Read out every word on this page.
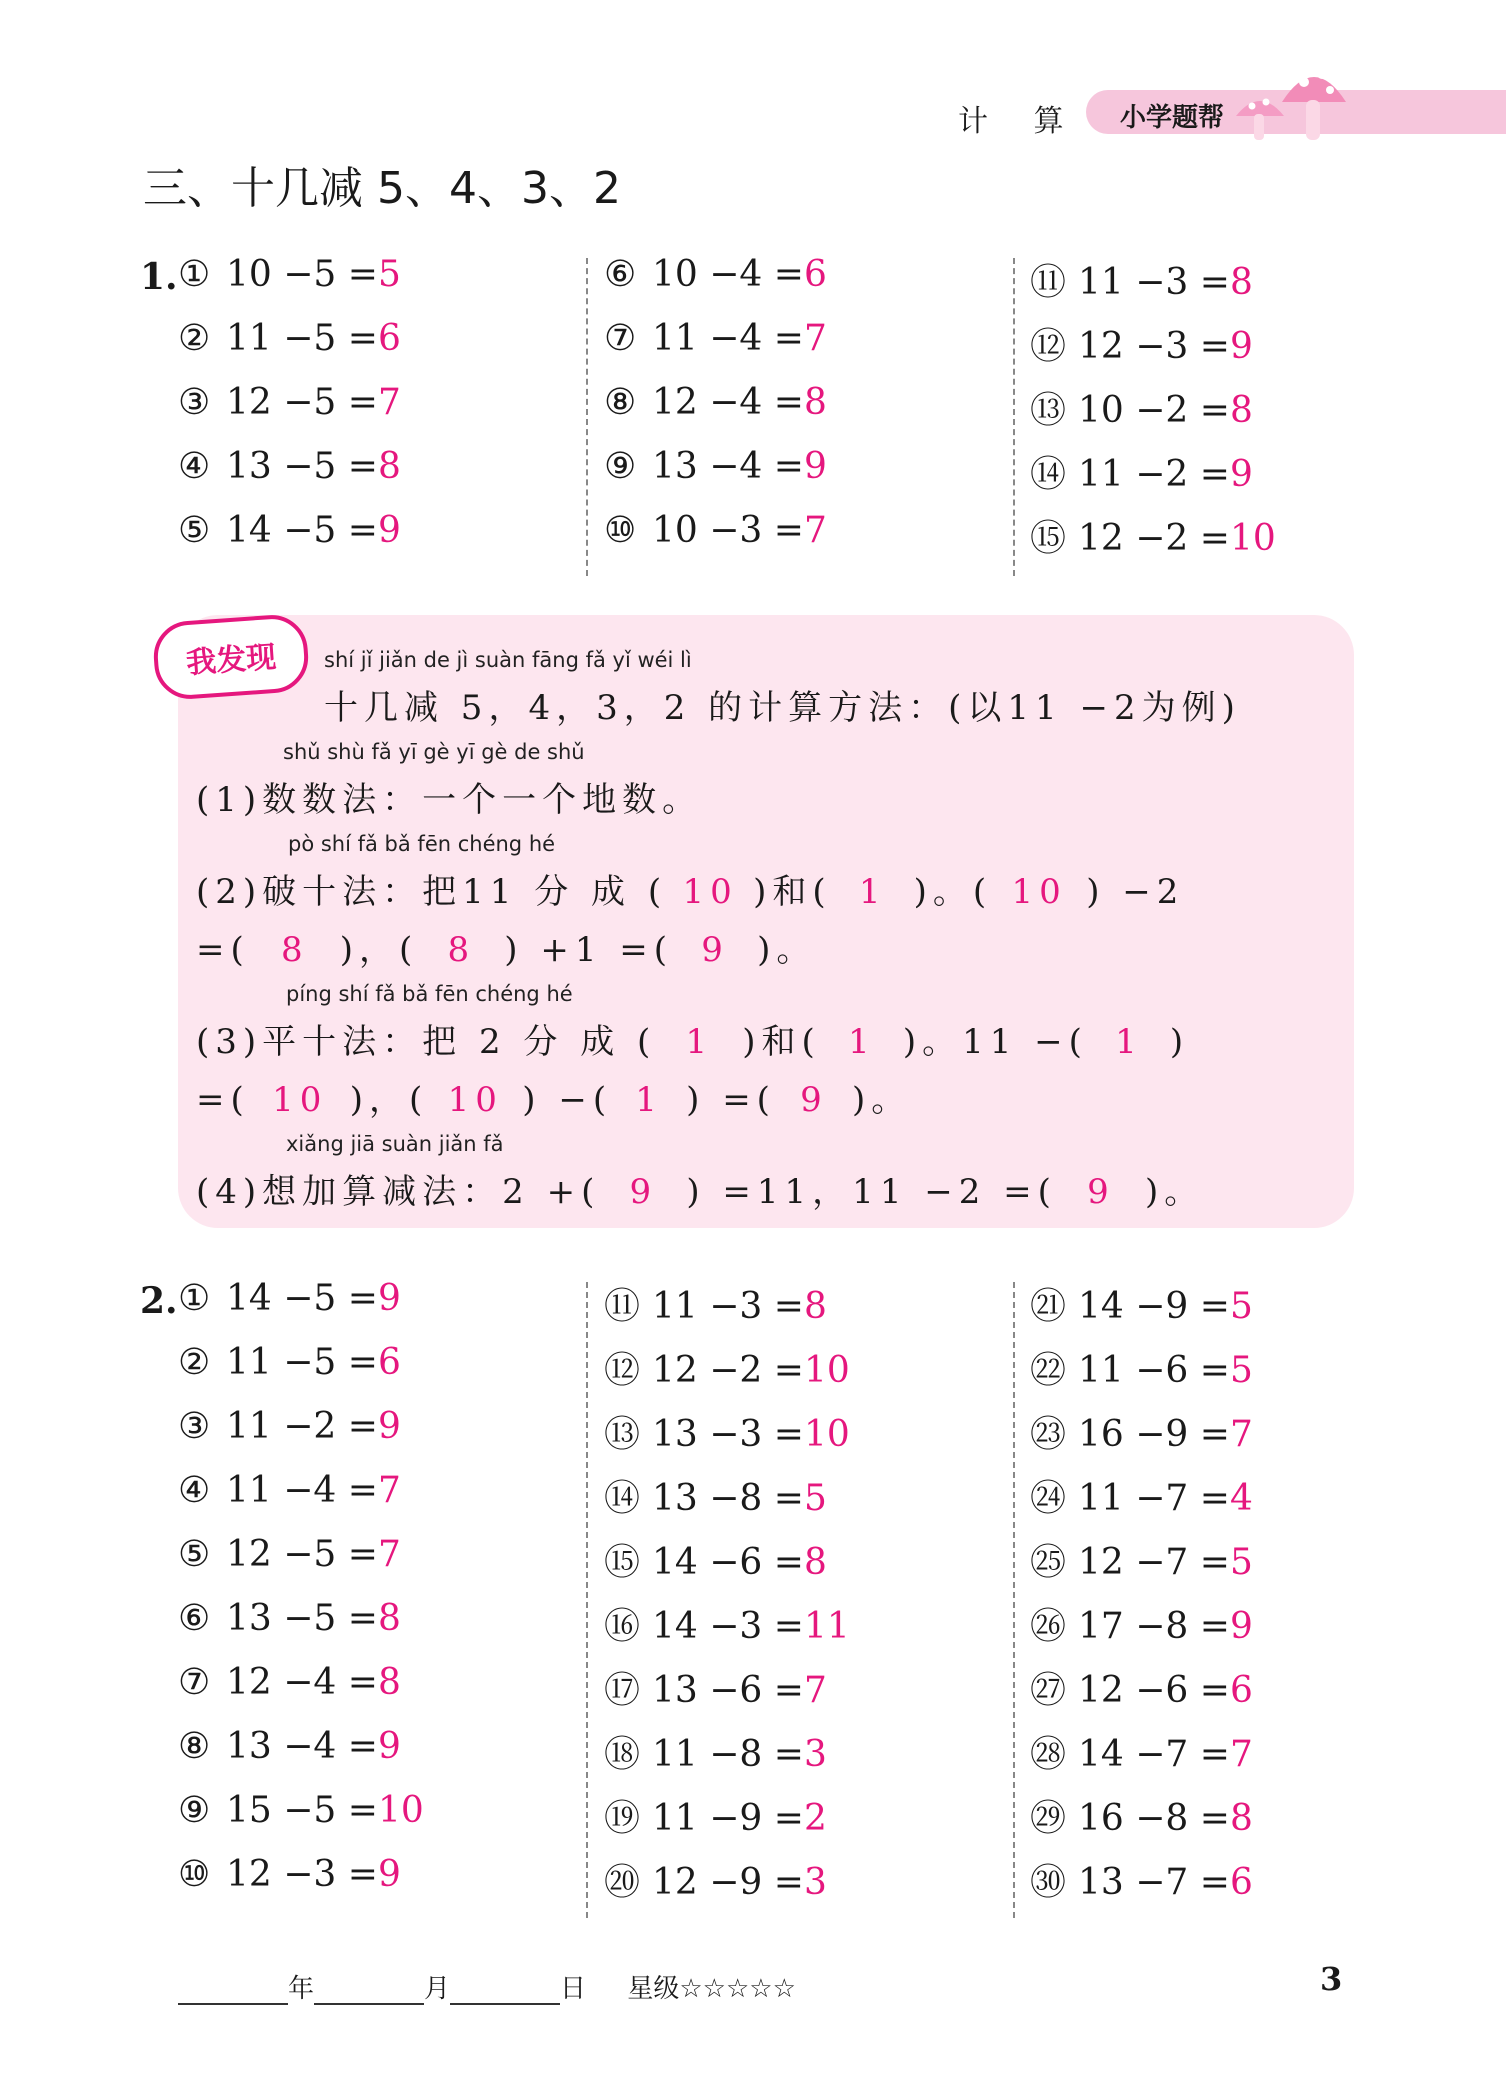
计 算 小学题帮
三、十几减 5、4、3、2
1. ① 10 −5 = 5
② 11 −5 = 6
③ 12 −5 = 7
④ 13 −5 = 8
⑤ 14 −5 = 9
⑥ 10 −4 = 6
⑦ 11 −4 = 7
⑧ 12 −4 = 8
⑨ 13 −4 = 9
⑩ 10 −3 = 7
⑪ 11 −3 = 8
⑫ 12 −3 = 9
⑬ 10 −2 = 8
⑭ 11 −2 = 9
⑮ 12 −2 = 10
我发现 shí jǐ jiǎn de jì suàn fāng fǎ yǐ wéi lì
十几减 5，4，3，2 的计算方法：(以11 −2为例)
shǔ shù fǎ yī gè yī gè de shǔ
(1)数数法：一个一个地数。
pò shí fǎ bǎ fēn chéng hé
(2)破十法：把11 分 成 ( 10 )和( 1 )。( 10 ) −2
=( 8 )，( 8 ) +1 =( 9 )。
píng shí fǎ bǎ fēn chéng hé
(3)平十法：把 2 分 成 ( 1 )和( 1 )。11 −( 1 )
=( 10 )，( 10 ) −( 1 ) =( 9 )。
xiǎng jiā suàn jiǎn fǎ
(4)想加算减法：2 +( 9 ) =11，11 −2 =( 9 )。
2. ① 14 −5 = 9
② 11 −5 = 6
③ 11 −2 = 9
④ 11 −4 = 7
⑤ 12 −5 = 7
⑥ 13 −5 = 8
⑦ 12 −4 = 8
⑧ 13 −4 = 9
⑨ 15 −5 = 10
⑩ 12 −3 = 9
⑪ 11 −3 = 8
⑫ 12 −2 = 10
⑬ 13 −3 = 10
⑭ 13 −8 = 5
⑮ 14 −6 = 8
⑯ 14 −3 = 11
⑰ 13 −6 = 7
⑱ 11 −8 = 3
⑲ 11 −9 = 2
⑳ 12 −9 = 3
㉑ 14 −9 = 5
㉒ 11 −6 = 5
㉓ 16 −9 = 7
㉔ 11 −7 = 4
㉕ 12 −7 = 5
㉖ 17 −8 = 9
㉗ 12 −6 = 6
㉘ 14 −7 = 7
㉙ 16 −8 = 8
㉚ 13 −7 = 6
年	月	日 星级☆☆☆☆☆	3
